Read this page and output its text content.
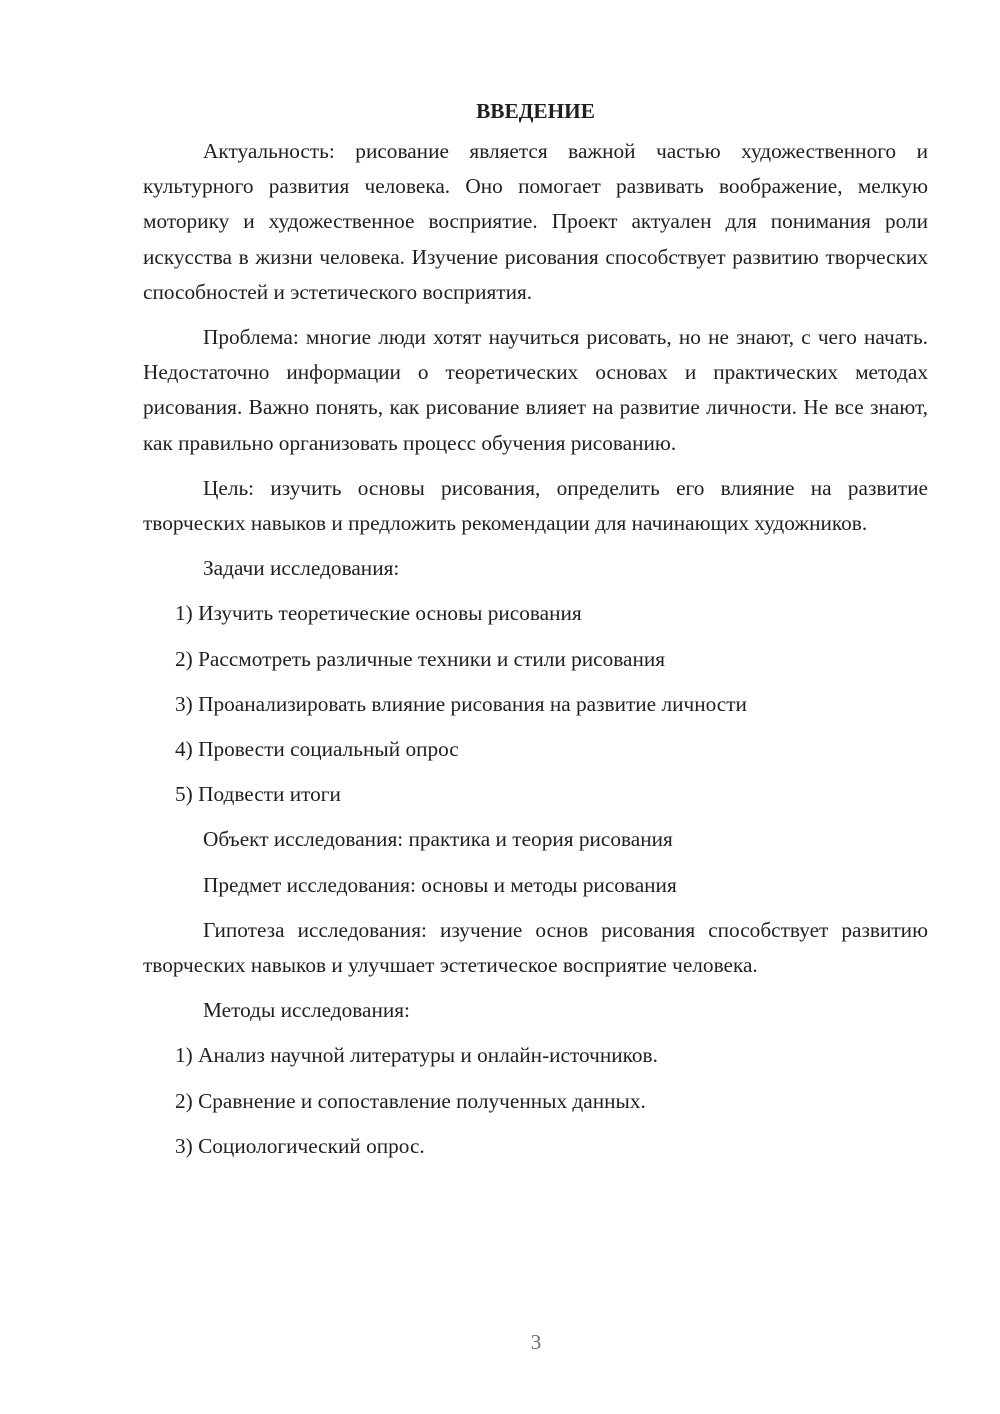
ВВЕДЕНИЕ

Актуальность: рисование является важной частью художественного и культурного развития человека. Оно помогает развивать воображение, мелкую моторику и художественное восприятие. Проект актуален для понимания роли искусства в жизни человека. Изучение рисования способствует развитию творческих способностей и эстетического восприятия.

Проблема: многие люди хотят научиться рисовать, но не знают, с чего начать. Недостаточно информации о теоретических основах и практических методах рисования. Важно понять, как рисование влияет на развитие личности. Не все знают, как правильно организовать процесс обучения рисованию.

Цель: изучить основы рисования, определить его влияние на развитие творческих навыков и предложить рекомендации для начинающих художников.

Задачи исследования:

1) Изучить теоретические основы рисования

2) Рассмотреть различные техники и стили рисования

3) Проанализировать влияние рисования на развитие личности

4) Провести социальный опрос

5) Подвести итоги

Объект исследования: практика и теория рисования

Предмет исследования: основы и методы рисования

Гипотеза исследования: изучение основ рисования способствует развитию творческих навыков и улучшает эстетическое восприятие человека.

Методы исследования:

1) Анализ научной литературы и онлайн-источников.

2) Сравнение и сопоставление полученных данных.

3) Социологический опрос.

3
